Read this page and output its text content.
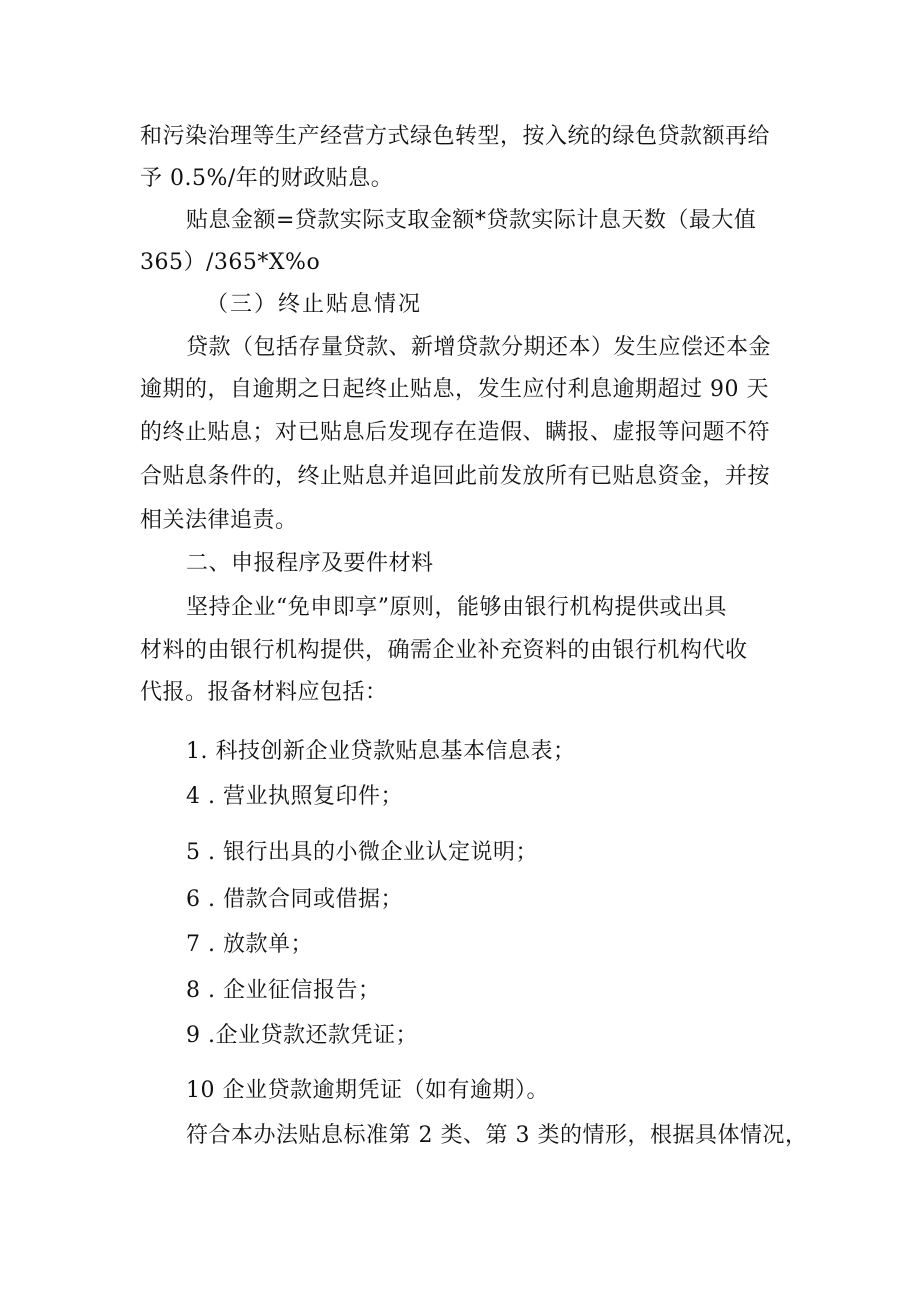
和污染治理等生产经营方式绿色转型，按入统的绿色贷款额再给
予 0.5%/年的财政贴息。
贴息金额=贷款实际支取金额*贷款实际计息天数（最大值
365）/365*X%o
（三）终止贴息情况
贷款（包括存量贷款、新增贷款分期还本）发生应偿还本金
逾期的，自逾期之日起终止贴息，发生应付利息逾期超过 90 天
的终止贴息；对已贴息后发现存在造假、瞒报、虚报等问题不符
合贴息条件的，终止贴息并追回此前发放所有已贴息资金，并按
相关法律追责。
二、申报程序及要件材料
坚持企业“免申即享”原则，能够由银行机构提供或出具
材料的由银行机构提供，确需企业补充资料的由银行机构代收
代报。报备材料应包括：
1. 科技创新企业贷款贴息基本信息表；
4 . 营业执照复印件；
5 . 银行出具的小微企业认定说明；
6 . 借款合同或借据；
7 . 放款单；
8 . 企业征信报告；
9 .企业贷款还款凭证；
10 企业贷款逾期凭证（如有逾期）。
符合本办法贴息标准第 2 类、第 3 类的情形，根据具体情况，
